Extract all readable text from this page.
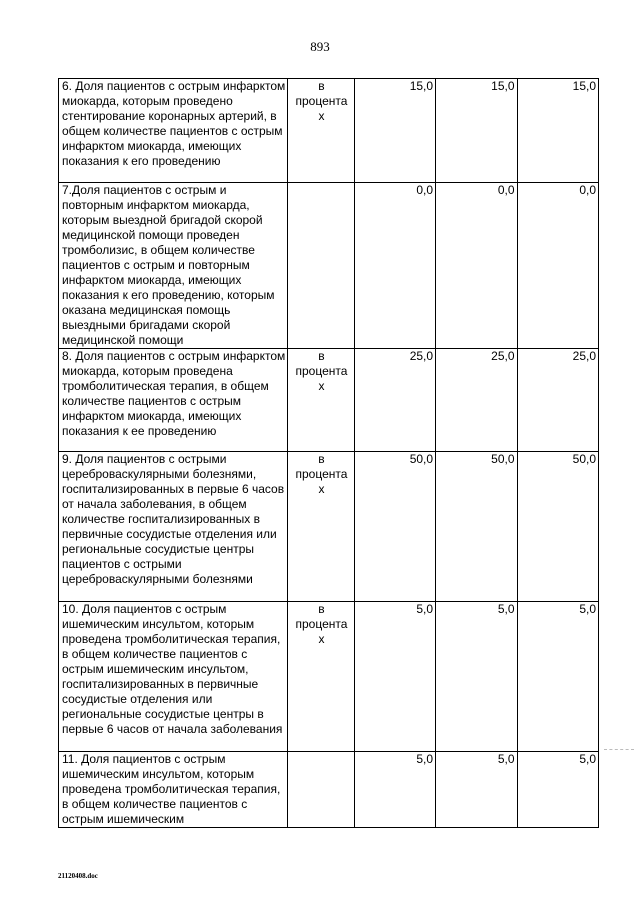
893
6. Доля пациентов с острым инфарктом миокарда, которым проведено стентирование коронарных артерий, в общем количестве пациентов с острым инфарктом миокарда, имеющих показания к его проведению	в процента х	15,0	15,0	15,0
7.Доля пациентов с острым и повторным инфарктом миокарда, которым выездной бригадой скорой медицинской помощи проведен тромболизис, в общем количестве пациентов с острым и повторным инфарктом миокарда, имеющих показания к его проведению, которым оказана медицинская помощь выездными бригадами скорой медицинской помощи		0,0	0,0	0,0
8. Доля пациентов с острым инфарктом миокарда, которым проведена тромболитическая терапия, в общем количестве пациентов с острым инфарктом миокарда, имеющих показания к ее проведению	в процента х	25,0	25,0	25,0
9. Доля пациентов с острыми цереброваскулярными болезнями, госпитализированных в первые 6 часов от начала заболевания, в общем количестве госпитализированных в первичные сосудистые отделения или региональные сосудистые центры пациентов с острыми цереброваскулярными болезнями	в процента х	50,0	50,0	50,0
10. Доля пациентов с острым ишемическим инсультом, которым проведена тромболитическая терапия, в общем количестве пациентов с острым ишемическим инсультом, госпитализированных в первичные сосудистые отделения или региональные сосудистые центры в первые 6 часов от начала заболевания	в процента х	5,0	5,0	5,0
11. Доля пациентов с острым ишемическим инсультом, которым проведена тромболитическая терапия, в общем количестве пациентов с острым ишемическим		5,0	5,0	5,0
21120408.doc
